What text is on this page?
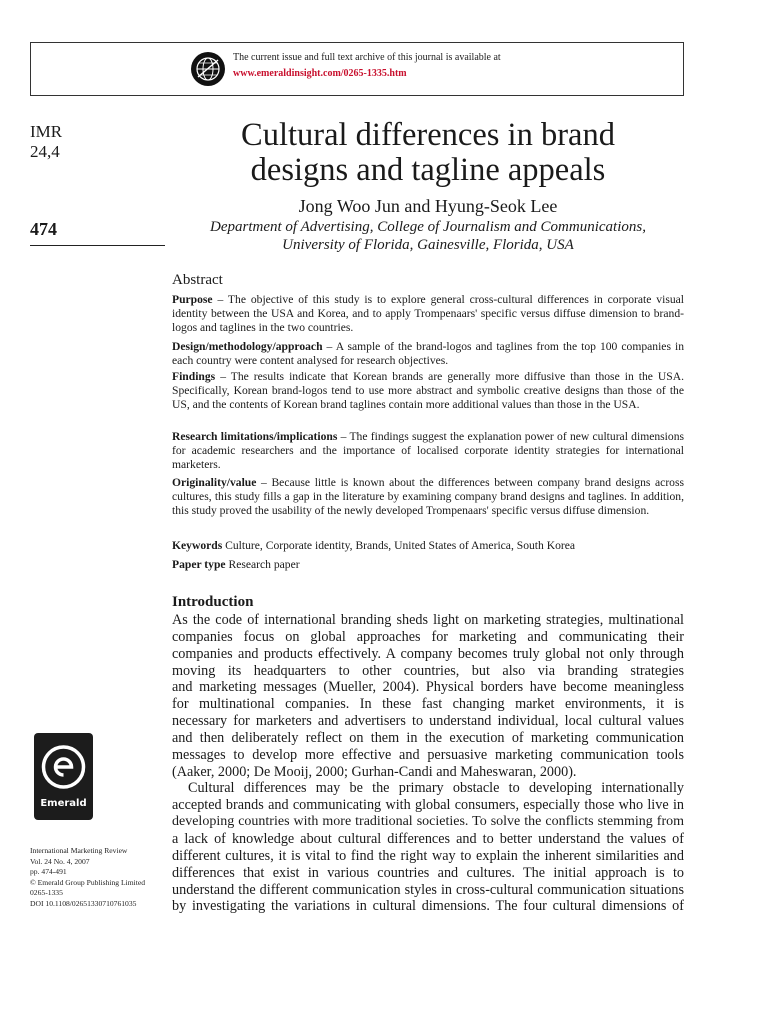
The current issue and full text archive of this journal is available at
www.emeraldinsight.com/0265-1335.htm
IMR
24,4
474
Emerald
International Marketing Review
Vol. 24 No. 4, 2007
pp. 474-491
© Emerald Group Publishing Limited
0265-1335
DOI 10.1108/02651330710761035
Cultural differences in brand
designs and tagline appeals
Jong Woo Jun and Hyung-Seok Lee
Department of Advertising, College of Journalism and Communications,
University of Florida, Gainesville, Florida, USA
Abstract
Purpose – The objective of this study is to explore general cross-cultural differences in corporate visual identity between the USA and Korea, and to apply Trompenaars' specific versus diffuse dimension to brand-logos and taglines in the two countries.
Design/methodology/approach – A sample of the brand-logos and taglines from the top 100 companies in each country were content analysed for research objectives.
Findings – The results indicate that Korean brands are generally more diffusive than those in the USA. Specifically, Korean brand-logos tend to use more abstract and symbolic creative designs than those of the US, and the contents of Korean brand taglines contain more additional values than those in the USA.
Research limitations/implications – The findings suggest the explanation power of new cultural dimensions for academic researchers and the importance of localised corporate identity strategies for international marketers.
Originality/value – Because little is known about the differences between company brand designs across cultures, this study fills a gap in the literature by examining company brand designs and taglines. In addition, this study proved the usability of the newly developed Trompenaars' specific versus diffuse dimension.
Keywords Culture, Corporate identity, Brands, United States of America, South Korea
Paper type Research paper
Introduction
As the code of international branding sheds light on marketing strategies, multinational
companies focus on global approaches for marketing and communicating their
companies and products effectively. A company becomes truly global not only through
moving its headquarters to other countries, but also via branding strategies
and marketing messages (Mueller, 2004). Physical borders have become meaningless
for multinational companies. In these fast changing market environments, it is
necessary for marketers and advertisers to understand individual, local cultural values
and then deliberately reflect on them in the execution of marketing communication
messages to develop more effective and persuasive marketing communication tools
(Aaker, 2000; De Mooij, 2000; Gurhan-Candi and Maheswaran, 2000).
Cultural differences may be the primary obstacle to developing internationally
accepted brands and communicating with global consumers, especially those who live in
developing countries with more traditional societies. To solve the conflicts stemming from
a lack of knowledge about cultural differences and to better understand the values of
different cultures, it is vital to find the right way to explain the inherent similarities and
differences that exist in various countries and cultures. The initial approach is to
understand the different communication styles in cross-cultural communication situations
by investigating the variations in cultural dimensions. The four cultural dimensions of
